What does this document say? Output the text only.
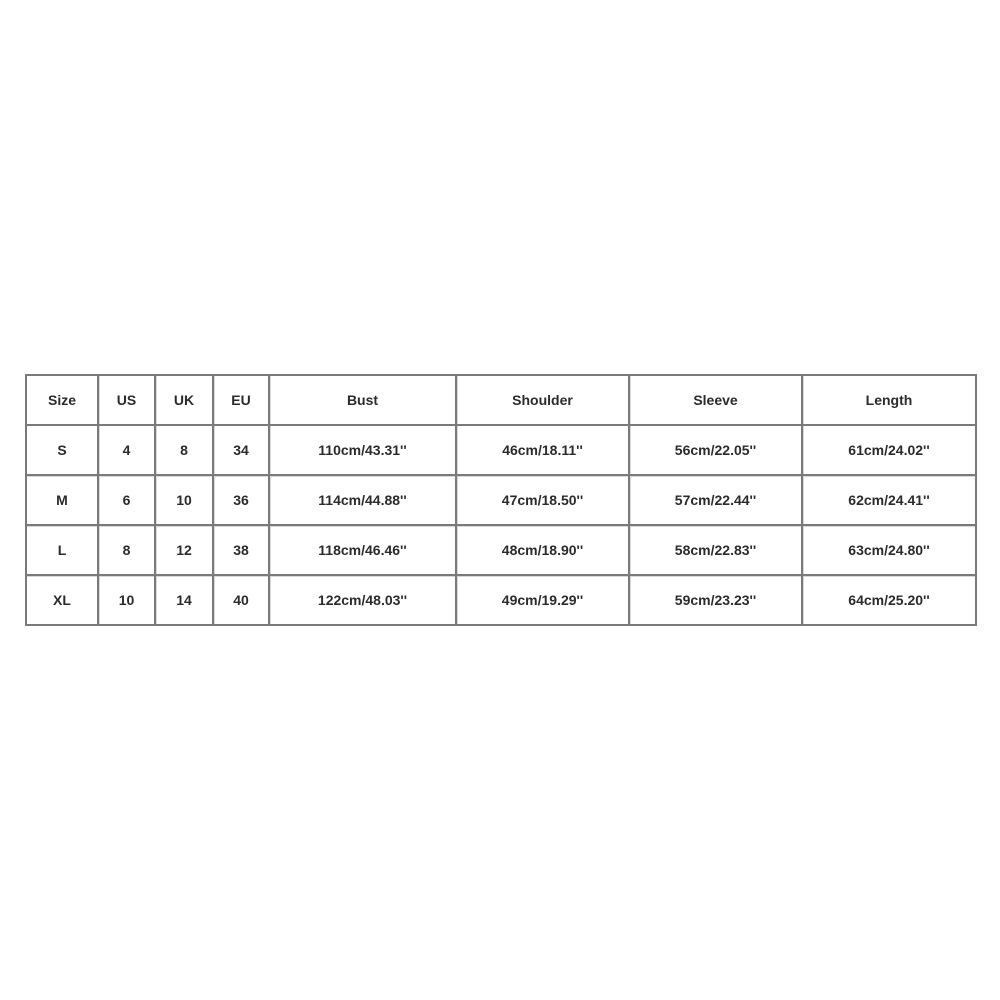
Size	US	UK	EU	Bust	Shoulder	Sleeve	Length
S	4	8	34	110cm/43.31''	46cm/18.11''	56cm/22.05''	61cm/24.02''
M	6	10	36	114cm/44.88''	47cm/18.50''	57cm/22.44''	62cm/24.41''
L	8	12	38	118cm/46.46''	48cm/18.90''	58cm/22.83''	63cm/24.80''
XL	10	14	40	122cm/48.03''	49cm/19.29''	59cm/23.23''	64cm/25.20''
